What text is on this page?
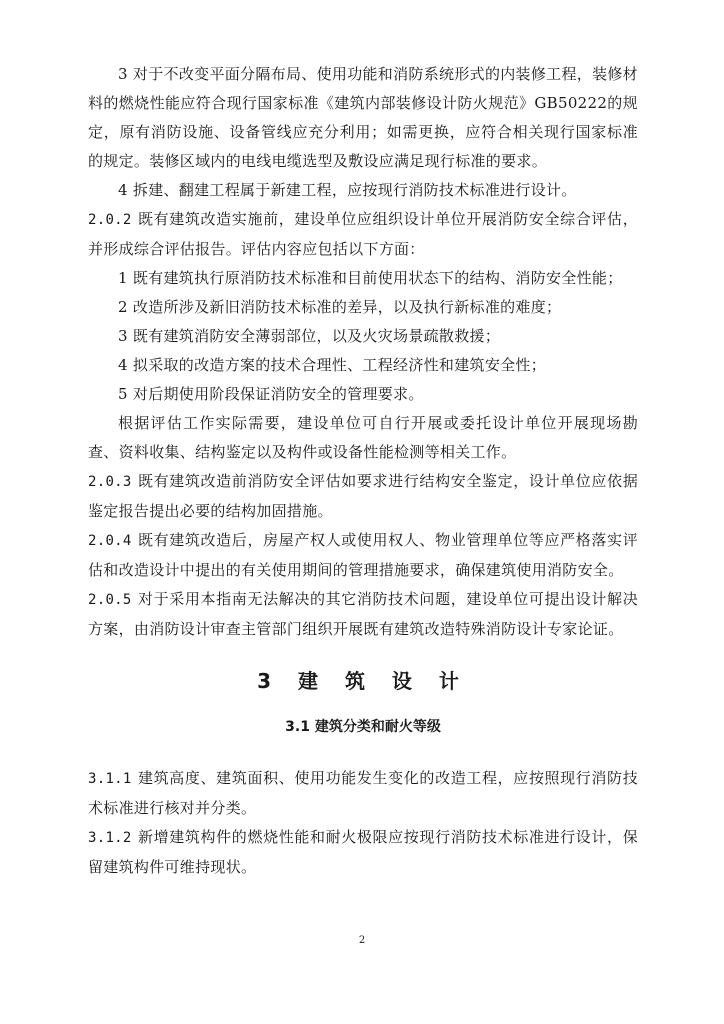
3 对于不改变平面分隔布局、使用功能和消防系统形式的内装修工程，装修材料的燃烧性能应符合现行国家标准《建筑内部装修设计防火规范》GB50222的规定，原有消防设施、设备管线应充分利用；如需更换，应符合相关现行国家标准的规定。装修区域内的电线电缆选型及敷设应满足现行标准的要求。

4 拆建、翻建工程属于新建工程，应按现行消防技术标准进行设计。

2.0.2 既有建筑改造实施前，建设单位应组织设计单位开展消防安全综合评估，并形成综合评估报告。评估内容应包括以下方面：

1 既有建筑执行原消防技术标准和目前使用状态下的结构、消防安全性能；

2 改造所涉及新旧消防技术标准的差异，以及执行新标准的难度；

3 既有建筑消防安全薄弱部位，以及火灾场景疏散救援；

4 拟采取的改造方案的技术合理性、工程经济性和建筑安全性；

5 对后期使用阶段保证消防安全的管理要求。

根据评估工作实际需要，建设单位可自行开展或委托设计单位开展现场勘查、资料收集、结构鉴定以及构件或设备性能检测等相关工作。

2.0.3 既有建筑改造前消防安全评估如要求进行结构安全鉴定，设计单位应依据鉴定报告提出必要的结构加固措施。

2.0.4 既有建筑改造后，房屋产权人或使用权人、物业管理单位等应严格落实评估和改造设计中提出的有关使用期间的管理措施要求，确保建筑使用消防安全。

2.0.5 对于采用本指南无法解决的其它消防技术问题，建设单位可提出设计解决方案，由消防设计审查主管部门组织开展既有建筑改造特殊消防设计专家论证。

3 建 筑 设 计
3.1 建筑分类和耐火等级

3.1.1 建筑高度、建筑面积、使用功能发生变化的改造工程，应按照现行消防技术标准进行核对并分类。

3.1.2 新增建筑构件的燃烧性能和耐火极限应按现行消防技术标准进行设计，保留建筑构件可维持现状。

2
